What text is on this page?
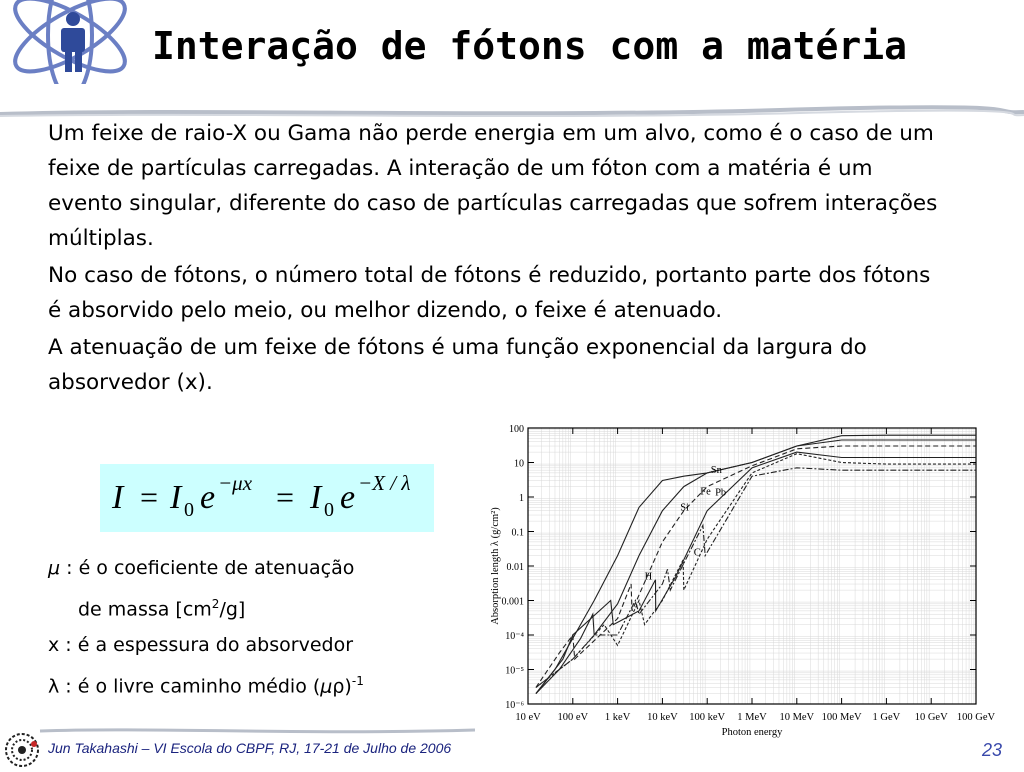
Interação de fótons com a matéria

Um feixe de raio-X ou Gama não perde energia em um alvo, como é o caso de um feixe de partículas carregadas. A interação de um fóton com a matéria é um evento singular, diferente do caso de partículas carregadas que sofrem interações múltiplas.

No caso de fótons, o número total de fótons é reduzido, portanto parte dos fótons é absorvido pelo meio, ou melhor dizendo, o feixe é atenuado.

A atenuação de um feixe de fótons é uma função exponencial da largura do absorvedor (x).

I = I 0 e −μx = I 0 e −X / λ
μ : é o coeficiente de atenuação
de massa $[cm^2/g]$
x : é a espessura do absorvedor
λ : é o livre caminho médio $(\mu\rho)^{-1}$
10 eV 100 eV 1 keV 10 keV 100 keV 1 MeV 10 MeV 100 MeV 1 GeV 10 GeV 100 GeV
10⁻⁶
10⁻⁵
10⁻⁴
0.001
0.01
0.1
1
10
100
Photon energy
Absorption length λ (g/cm²)	H
C
Si
Fe
Sn
Pb
Jun Takahashi – VI Escola do CBPF, RJ, 17-21 de Julho de 2006	23
